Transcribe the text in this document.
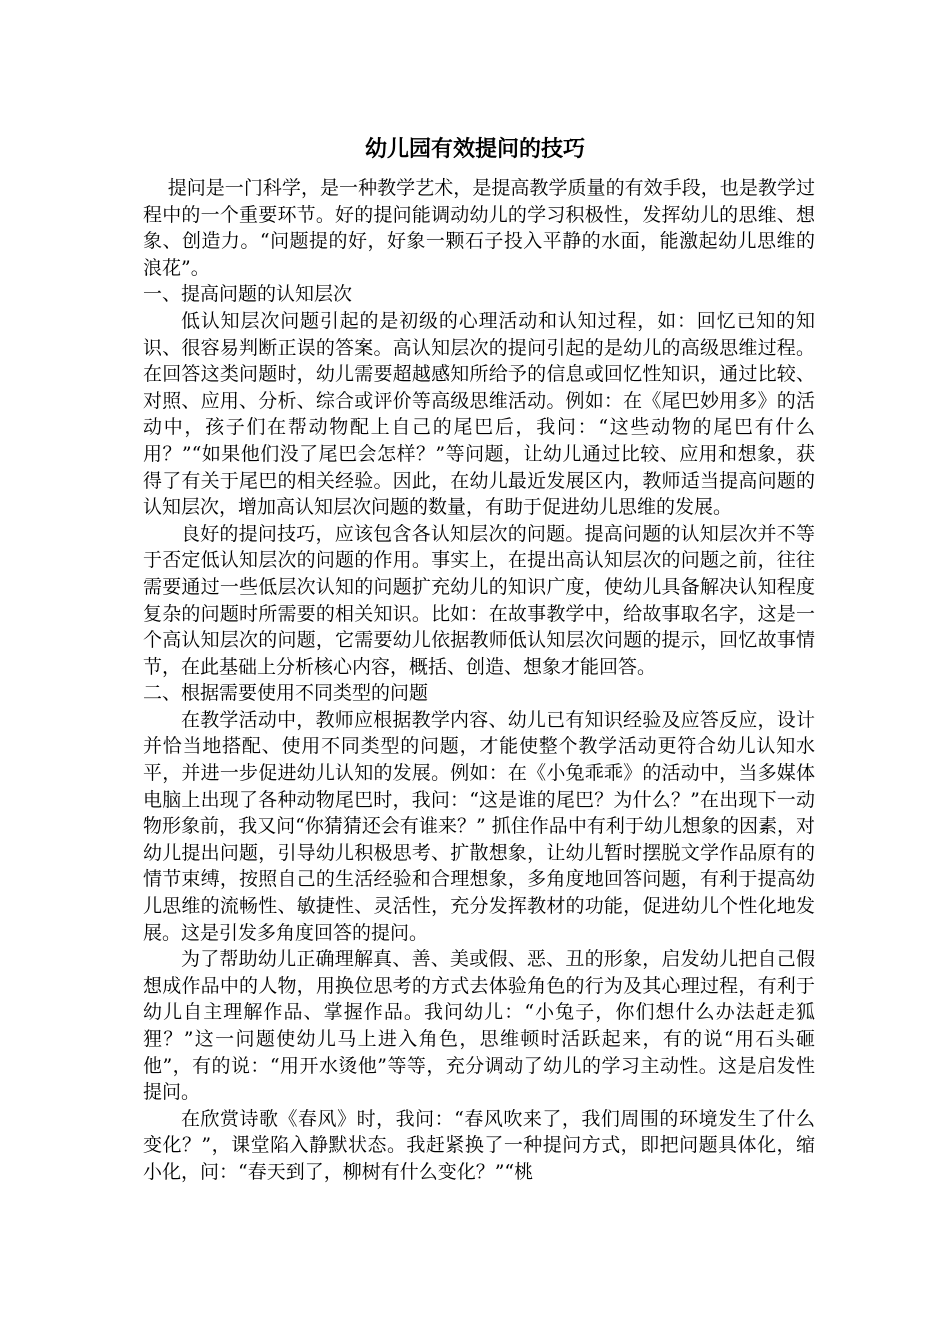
幼儿园有效提问的技巧

提问是一门科学，是一种教学艺术，是提高教学质量的有效手段，也是教学过程中的一个重要环节。好的提问能调动幼儿的学习积极性，发挥幼儿的思维、想象、创造力。“问题提的好，好象一颗石子投入平静的水面，能激起幼儿思维的浪花”。

一、提高问题的认知层次

低认知层次问题引起的是初级的心理活动和认知过程，如：回忆已知的知识、很容易判断正误的答案。高认知层次的提问引起的是幼儿的高级思维过程。在回答这类问题时，幼儿需要超越感知所给予的信息或回忆性知识，通过比较、对照、应用、分析、综合或评价等高级思维活动。例如：在《尾巴妙用多》的活动中，孩子们在帮动物配上自己的尾巴后，我问：“这些动物的尾巴有什么用？”“如果他们没了尾巴会怎样？”等问题，让幼儿通过比较、应用和想象，获得了有关于尾巴的相关经验。因此，在幼儿最近发展区内，教师适当提高问题的认知层次，增加高认知层次问题的数量，有助于促进幼儿思维的发展。

良好的提问技巧，应该包含各认知层次的问题。提高问题的认知层次并不等于否定低认知层次的问题的作用。事实上，在提出高认知层次的问题之前，往往需要通过一些低层次认知的问题扩充幼儿的知识广度，使幼儿具备解决认知程度复杂的问题时所需要的相关知识。比如：在故事教学中，给故事取名字，这是一个高认知层次的问题，它需要幼儿依据教师低认知层次问题的提示，回忆故事情节，在此基础上分析核心内容，概括、创造、想象才能回答。

二、根据需要使用不同类型的问题

在教学活动中，教师应根据教学内容、幼儿已有知识经验及应答反应，设计并恰当地搭配、使用不同类型的问题，才能使整个教学活动更符合幼儿认知水平，并进一步促进幼儿认知的发展。例如：在《小兔乖乖》的活动中，当多媒体电脑上出现了各种动物尾巴时，我问：“这是谁的尾巴？为什么？”在出现下一动物形象前，我又问“你猜猜还会有谁来？” 抓住作品中有利于幼儿想象的因素，对幼儿提出问题，引导幼儿积极思考、扩散想象，让幼儿暂时摆脱文学作品原有的情节束缚，按照自己的生活经验和合理想象，多角度地回答问题，有利于提高幼儿思维的流畅性、敏捷性、灵活性，充分发挥教材的功能，促进幼儿个性化地发展。这是引发多角度回答的提问。

为了帮助幼儿正确理解真、善、美或假、恶、丑的形象，启发幼儿把自己假想成作品中的人物，用换位思考的方式去体验角色的行为及其心理过程，有利于幼儿自主理解作品、掌握作品。我问幼儿：“小兔子，你们想什么办法赶走狐狸？”这一问题使幼儿马上进入角色，思维顿时活跃起来，有的说“用石头砸他”，有的说：“用开水烫他”等等，充分调动了幼儿的学习主动性。这是启发性提问。

在欣赏诗歌《春风》时，我问：“春风吹来了，我们周围的环境发生了什么变化？”，课堂陷入静默状态。我赶紧换了一种提问方式，即把问题具体化，缩小化，问：“春天到了，柳树有什么变化？”“桃
